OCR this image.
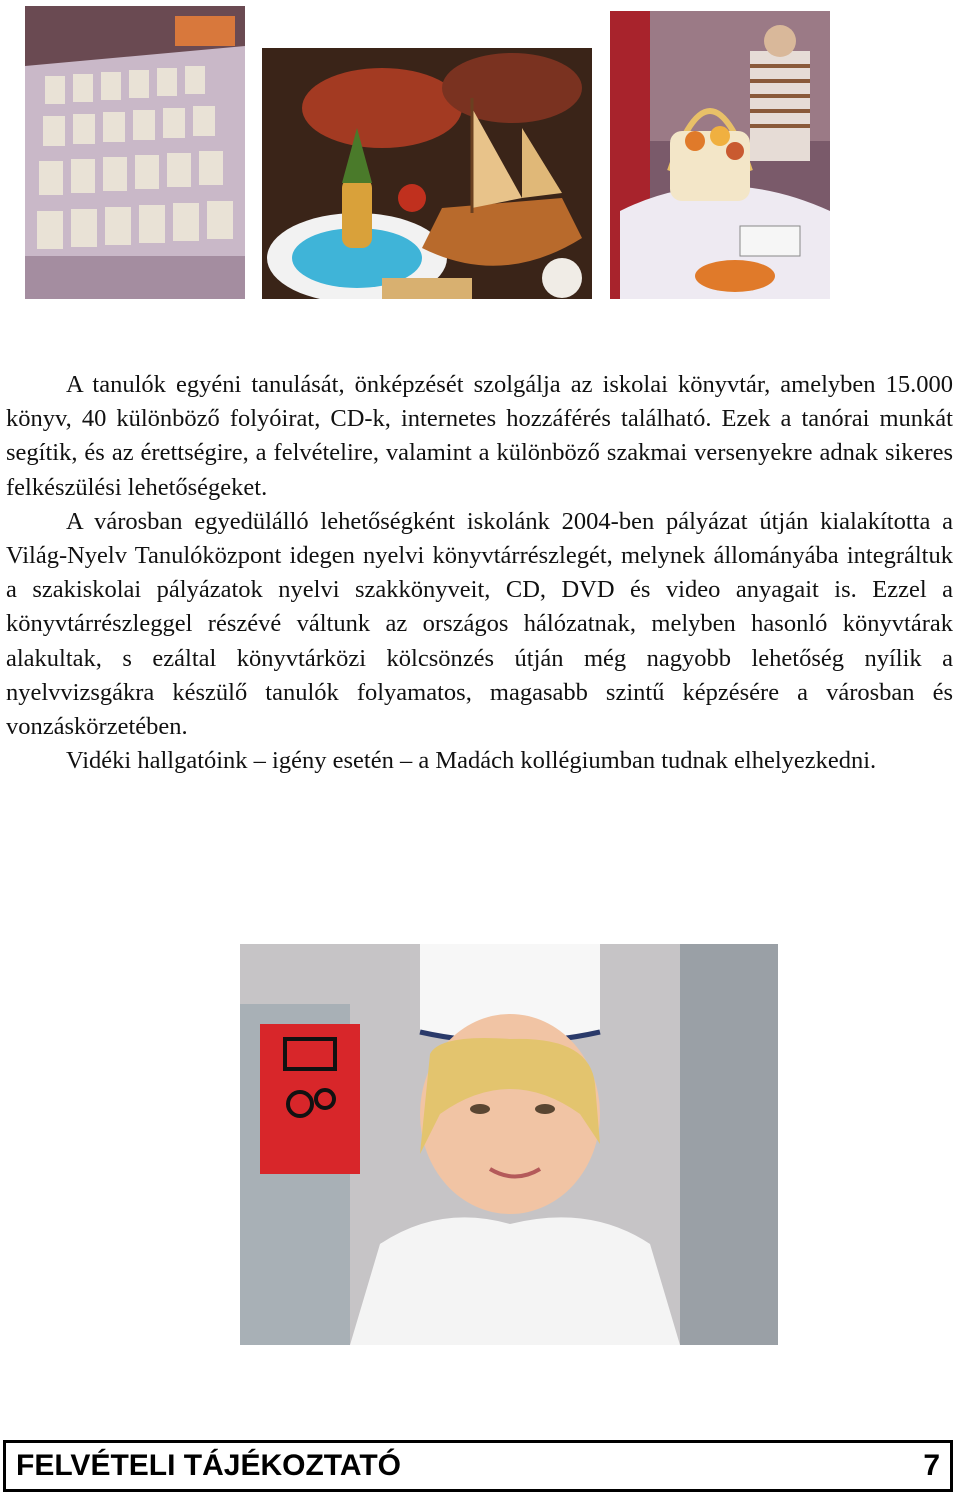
A tanulók egyéni tanulását, önképzését szolgálja az iskolai könyvtár, amelyben 15.000 könyv, 40 különböző folyóirat, CD-k, internetes hozzáférés található. Ezek a tanórai munkát segítik, és az érettségire, a felvételire, valamint a különböző szakmai versenyekre adnak sikeres felkészülési lehetőségeket.

A városban egyedülálló lehetőségként iskolánk 2004-ben pályázat útján kialakította a Világ-Nyelv Tanulóközpont idegen nyelvi könyvtárrészlegét, melynek állományába integráltuk a szakiskolai pályázatok nyelvi szakkönyveit, CD, DVD és video anyagait is. Ezzel a könyvtárrészleggel részévé váltunk az országos hálózatnak, melyben hasonló könyvtárak alakultak, s ezáltal könyvtárközi kölcsönzés útján még nagyobb lehetőség nyílik a nyelvvizsgákra készülő tanulók folyamatos, magasabb szintű képzésére a városban és vonzáskörzetében.

Vidéki hallgatóink – igény esetén – a Madách kollégiumban tudnak elhelyezkedni.

FELVÉTELI TÁJÉKOZTATÓ	7
